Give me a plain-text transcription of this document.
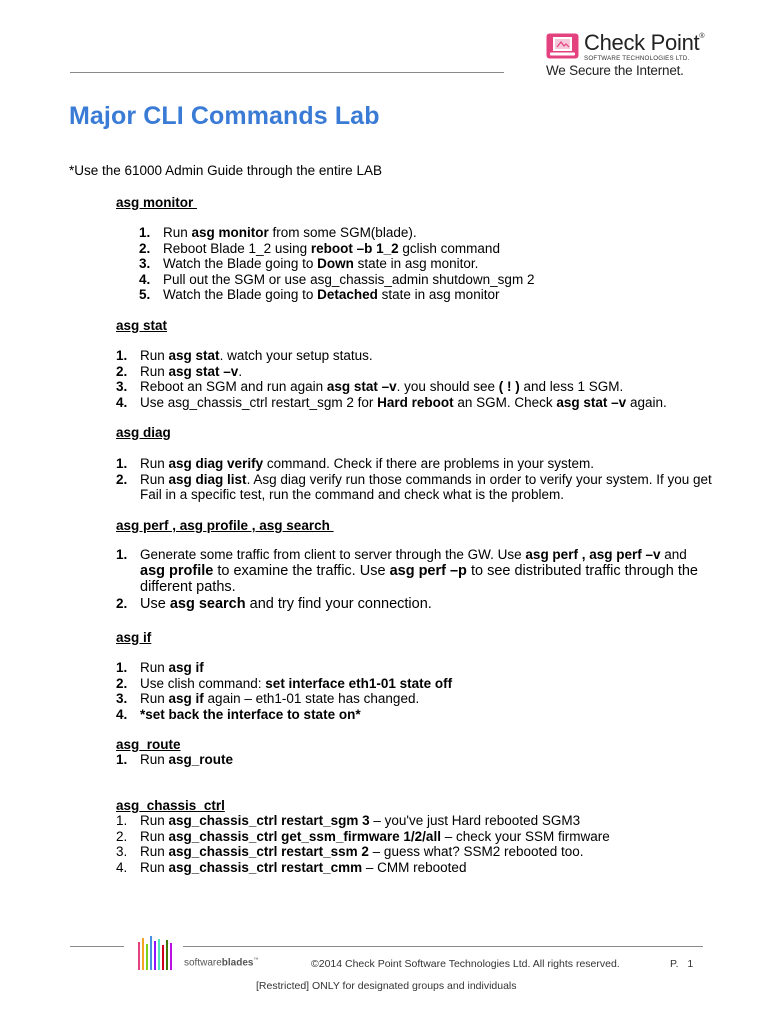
Check Point®
SOFTWARE TECHNOLOGIES LTD.
We Secure the Internet.
Major CLI Commands Lab
*Use the 61000 Admin Guide through the entire LAB
asg monitor
1. Run asg monitor from some SGM(blade).
2. Reboot Blade 1_2 using reboot –b 1_2 gclish command
3. Watch the Blade going to Down state in asg monitor.
4. Pull out the SGM or use asg_chassis_admin shutdown_sgm 2
5. Watch the Blade going to Detached state in asg monitor
asg stat
1. Run asg stat. watch your setup status.
2. Run asg stat –v.
3. Reboot an SGM and run again asg stat –v. you should see ( ! ) and less 1 SGM.
4. Use asg_chassis_ctrl restart_sgm 2 for Hard reboot an SGM. Check asg stat –v again.
asg diag
1. Run asg diag verify command. Check if there are problems in your system.
2. Run asg diag list. Asg diag verify run those commands in order to verify your system. If you get Fail in a specific test, run the command and check what is the problem.
asg perf , asg profile , asg search
1. Generate some traffic from client to server through the GW. Use asg perf , asg perf –v and asg profile to examine the traffic. Use asg perf –p to see distributed traffic through the different paths.
2. Use asg search and try find your connection.
asg if
1. Run asg if
2. Use clish command: set interface eth1-01 state off
3. Run asg if again – eth1-01 state has changed.
4. *set back the interface to state on*
asg_route
1. Run asg_route
asg_chassis_ctrl
1. Run asg_chassis_ctrl restart_sgm 3 – you've just Hard rebooted SGM3
2. Run asg_chassis_ctrl get_ssm_firmware 1/2/all – check your SSM firmware
3. Run asg_chassis_ctrl restart_ssm 2 – guess what? SSM2 rebooted too.
4. Run asg_chassis_ctrl restart_cmm – CMM rebooted
softwareblades™	©2014 Check Point Software Technologies Ltd. All rights reserved.	P.   1
[Restricted] ONLY for designated groups and individuals
